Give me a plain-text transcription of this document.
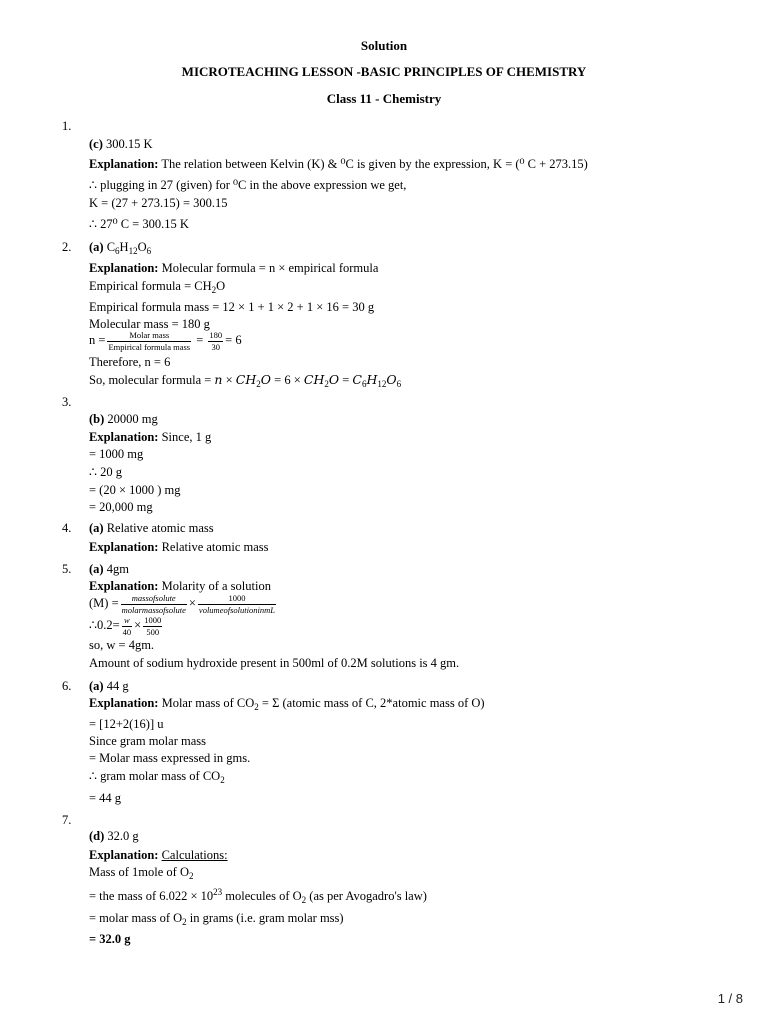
Solution
MICROTEACHING LESSON -BASIC PRINCIPLES OF CHEMISTRY
Class 11 - Chemistry
1.
(c) 300.15 K
Explanation: The relation between Kelvin (K) & ⁰C is given by the expression, K = (⁰ C + 273.15)
∴ plugging in 27 (given) for ⁰C in the above expression we get,
K = (27 + 273.15) = 300.15
∴ 27⁰ C = 300.15 K
2. (a) $C_6H_{12}O_6$
Explanation: Molecular formula = n × empirical formula
Empirical formula = $CH_2O$
Empirical formula mass = 12 × 1 + 1 × 2 + 1 × 16 = 30 g
Molecular mass = 180 g
$n = \frac{\text{Molar mass}}{\text{Empirical formula mass}} = \frac{180}{30} = 6$
Therefore, n = 6
So, molecular formula = $n \times CH_2O = 6 \times CH_2O = C_6H_{12}O_6$
3.
(b) 20000 mg
Explanation: Since, 1 g
= 1000 mg
∴ 20 g
= (20 × 1000 ) mg
= 20,000 mg
4. (a) Relative atomic mass
Explanation: Relative atomic mass
5. (a) 4gm
Explanation: Molarity of a solution
$(M) = \frac{\text{massofsolute}}{\text{molarmassofsolute}} \times \frac{1000}{\text{volumeofsolutioninmL}}$
∴0.2= $\frac{w}{40} \times \frac{1000}{500}$
so, w = 4gm.
Amount of sodium hydroxide present in 500ml of 0.2M solutions is 4 gm.
6. (a) 44 g
Explanation: Molar mass of $CO_2 = \Sigma$ (atomic mass of C, 2*atomic mass of O)
= [12+2(16)] u
Since gram molar mass
= Molar mass expressed in gms.
∴ gram molar mass of $CO_2$
= 44 g
7.
(d) 32.0 g
Explanation: Calculations:
Mass of 1mole of $O_2$
= the mass of $6.022 \times 10^{23}$ molecules of $O_2$ (as per Avogadro's law)
= molar mass of $O_2$ in grams (i.e. gram molar mss)
= 32.0 g
1 / 8
